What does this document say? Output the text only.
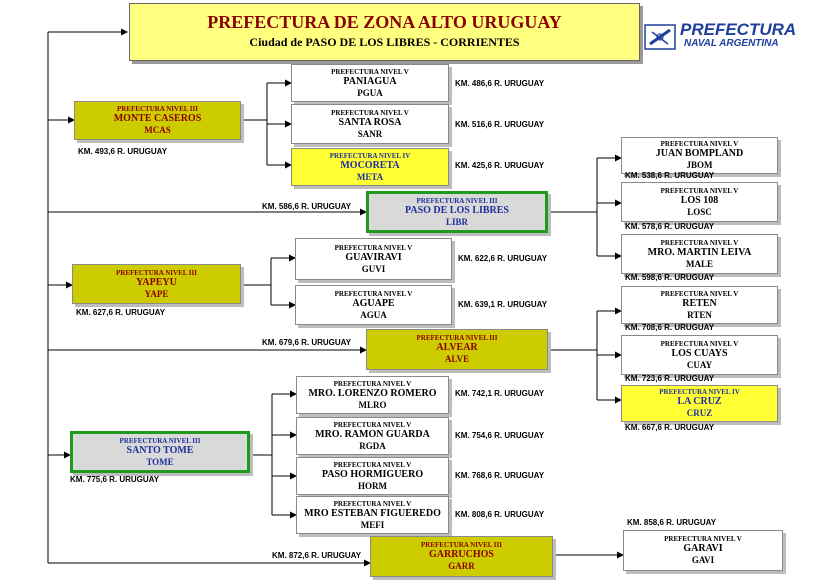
PREFECTURA DE ZONA ALTO URUGUAY
Ciudad de PASO DE LOS LIBRES - CORRIENTES
PREFECTURA
NAVAL ARGENTINA
PREFECTURA NIVEL III
MONTE CASEROS
MCAS
KM. 493,6 R. URUGUAY
PREFECTURA NIVEL V
PANIAGUA
PGUA
KM. 486,6 R. URUGUAY
PREFECTURA NIVEL V
SANTA ROSA
SANR
KM. 516,6 R. URUGUAY
PREFECTURA NIVEL IV
MOCORETA
META
KM. 425,6 R. URUGUAY
KM. 586,6 R. URUGUAY
PREFECTURA NIVEL III
PASO DE LOS LIBRES
LIBR
PREFECTURA NIVEL V
JUAN BOMPLAND
JBOM
KM. 538,6 R. URUGUAY
PREFECTURA NIVEL V
LOS 108
LOSC
KM. 578,6 R. URUGUAY
PREFECTURA NIVEL V
MRO. MARTIN LEIVA
MALE
KM. 598,6 R. URUGUAY
PREFECTURA NIVEL III
YAPEYU
YAPE
KM. 627,6 R. URUGUAY
PREFECTURA NIVEL V
GUAVIRAVI
GUVI
KM. 622,6 R. URUGUAY
PREFECTURA NIVEL V
AGUAPE
AGUA
KM. 639,1 R. URUGUAY
KM. 679,6 R. URUGUAY	PREFECTURA NIVEL III
ALVEAR
ALVE
PREFECTURA NIVEL V
RETEN
RTEN
KM. 708,6 R. URUGUAY
PREFECTURA NIVEL V
LOS CUAYS
CUAY
KM. 723,6 R. URUGUAY
PREFECTURA NIVEL IV
LA CRUZ
CRUZ
KM. 667,6 R. URUGUAY
PREFECTURA NIVEL III
SANTO TOME
TOME
KM. 775,6 R. URUGUAY
PREFECTURA NIVEL V
MRO. LORENZO ROMERO
MLRO
KM. 742,1 R. URUGUAY
PREFECTURA NIVEL V
MRO. RAMON GUARDA
RGDA
KM. 754,6 R. URUGUAY
PREFECTURA NIVEL V
PASO HORMIGUERO
HORM
KM. 768,6 R. URUGUAY
PREFECTURA NIVEL V
MRO ESTEBAN FIGUEREDO
MEFI
KM. 808,6 R. URUGUAY
KM. 872,6 R. URUGUAY
PREFECTURA NIVEL III
GARRUCHOS
GARR
KM. 858,6 R. URUGUAY
PREFECTURA NIVEL V
GARAVI
GAVI
